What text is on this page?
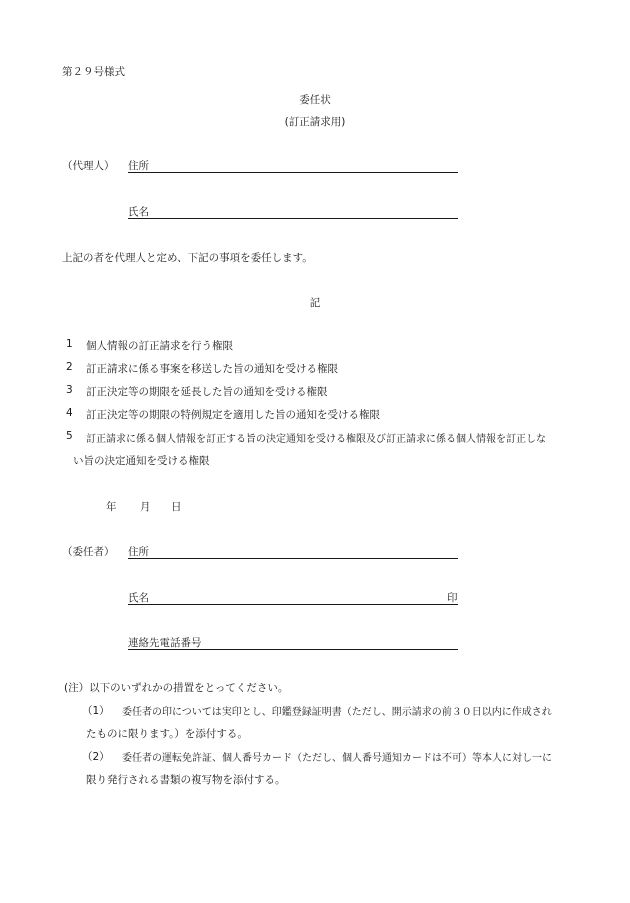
第２９号様式
委任状
(訂正請求用)
（代理人） 住所
氏名
上記の者を代理人と定め、下記の事項を委任します。
記
1 個人情報の訂正請求を行う権限
2 訂正請求に係る事案を移送した旨の通知を受ける権限
3 訂正決定等の期限を延長した旨の通知を受ける権限
4 訂正決定等の期限の特例規定を適用した旨の通知を受ける権限
5 訂正請求に係る個人情報を訂正する旨の決定通知を受ける権限及び訂正請求に係る個人情報を訂正しな
い旨の決定通知を受ける権限
年 月 日
（委任者） 住所
氏名	印
連絡先電話番号
(注）以下のいずれかの措置をとってください。
（1） 委任者の印については実印とし、印鑑登録証明書（ただし、開示請求の前３０日以内に作成され
たものに限ります。）を添付する。
（2） 委任者の運転免許証、個人番号カード（ただし、個人番号通知カードは不可）等本人に対し一に
限り発行される書類の複写物を添付する。
